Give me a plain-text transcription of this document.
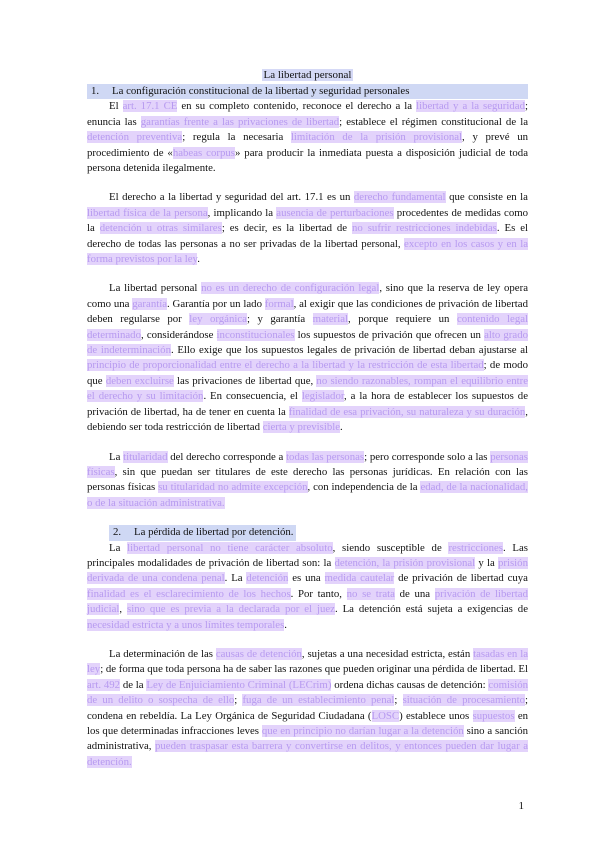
La libertad personal

1. La configuración constitucional de la libertad y seguridad personales

El art. 17.1 CE en su completo contenido, reconoce el derecho a la libertad y a la seguridad; enuncia las garantías frente a las privaciones de libertad; establece el régimen constitucional de la detención preventiva; regula la necesaria limitación de la prisión provisional, y prevé un procedimiento de «habeas corpus» para producir la inmediata puesta a disposición judicial de toda persona detenida ilegalmente.

El derecho a la libertad y seguridad del art. 17.1 es un derecho fundamental que consiste en la libertad física de la persona, implicando la ausencia de perturbaciones procedentes de medidas como la detención u otras similares; es decir, es la libertad de no sufrir restricciones indebidas. Es el derecho de todas las personas a no ser privadas de la libertad personal, excepto en los casos y en la forma previstos por la ley.

La libertad personal no es un derecho de configuración legal, sino que la reserva de ley opera como una garantía. Garantía por un lado formal, al exigir que las condiciones de privación de libertad deben regularse por ley orgánica; y garantía material, porque requiere un contenido legal determinado, considerándose inconstitucionales los supuestos de privación que ofrecen un alto grado de indeterminación. Ello exige que los supuestos legales de privación de libertad deban ajustarse al principio de proporcionalidad entre el derecho a la libertad y la restricción de esta libertad; de modo que deben excluirse las privaciones de libertad que, no siendo razonables, rompan el equilibrio entre el derecho y su limitación. En consecuencia, el legislador, a la hora de establecer los supuestos de privación de libertad, ha de tener en cuenta la finalidad de esa privación, su naturaleza y su duración, debiendo ser toda restricción de libertad cierta y previsible.

La titularidad del derecho corresponde a todas las personas; pero corresponde solo a las personas físicas, sin que puedan ser titulares de este derecho las personas jurídicas. En relación con las personas físicas su titularidad no admite excepción, con independencia de la edad, de la nacionalidad, o de la situación administrativa.

2. La pérdida de libertad por detención.

La libertad personal no tiene carácter absoluto, siendo susceptible de restricciones. Las principales modalidades de privación de libertad son: la detención, la prisión provisional y la prisión derivada de una condena penal. La detención es una medida cautelar de privación de libertad cuya finalidad es el esclarecimiento de los hechos. Por tanto, no se trata de una privación de libertad judicial, sino que es previa a la declarada por el juez. La detención está sujeta a exigencias de necesidad estricta y a unos límites temporales.

La determinación de las causas de detención, sujetas a una necesidad estricta, están tasadas en la ley; de forma que toda persona ha de saber las razones que pueden originar una pérdida de libertad. El art. 492 de la Ley de Enjuiciamiento Criminal (LECrim) ordena dichas causas de detención: comisión de un delito o sospecha de ello; fuga de un establecimiento penal; situación de procesamiento; condena en rebeldía. La Ley Orgánica de Seguridad Ciudadana (LOSC) establece unos supuestos en los que determinadas infracciones leves que en principio no darían lugar a la detención sino a sanción administrativa, pueden traspasar esta barrera y convertirse en delitos, y entonces pueden dar lugar a detención.

1
